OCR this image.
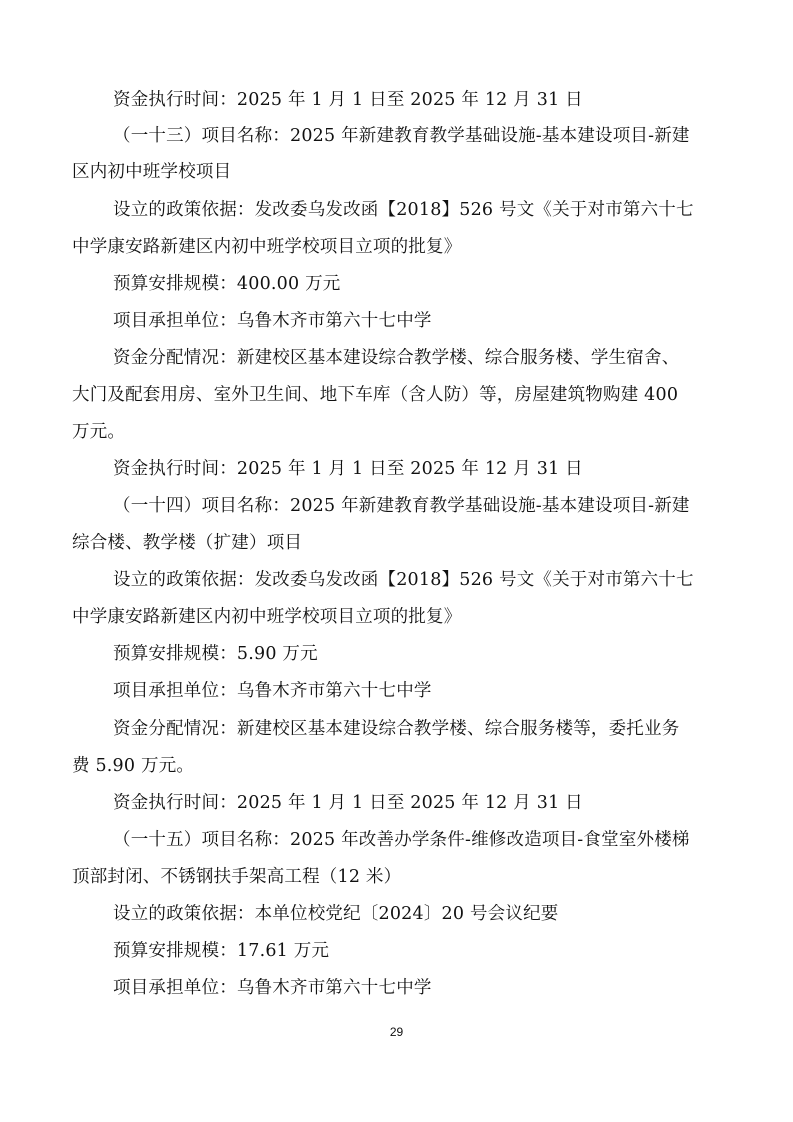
资金执行时间：2025 年 1 月 1 日至 2025 年 12 月 31 日
（一十三）项目名称：2025 年新建教育教学基础设施-基本建设项目-新建
区内初中班学校项目
设立的政策依据：发改委乌发改函【2018】526 号文《关于对市第六十七
中学康安路新建区内初中班学校项目立项的批复》
预算安排规模：400.00 万元
项目承担单位：乌鲁木齐市第六十七中学
资金分配情况：新建校区基本建设综合教学楼、综合服务楼、学生宿舍、
大门及配套用房、室外卫生间、地下车库（含人防）等，房屋建筑物购建 400
万元。
资金执行时间：2025 年 1 月 1 日至 2025 年 12 月 31 日
（一十四）项目名称：2025 年新建教育教学基础设施-基本建设项目-新建
综合楼、教学楼（扩建）项目
设立的政策依据：发改委乌发改函【2018】526 号文《关于对市第六十七
中学康安路新建区内初中班学校项目立项的批复》
预算安排规模：5.90 万元
项目承担单位：乌鲁木齐市第六十七中学
资金分配情况：新建校区基本建设综合教学楼、综合服务楼等，委托业务
费 5.90 万元。
资金执行时间：2025 年 1 月 1 日至 2025 年 12 月 31 日
（一十五）项目名称：2025 年改善办学条件-维修改造项目-食堂室外楼梯
顶部封闭、不锈钢扶手架高工程（12 米）
设立的政策依据：本单位校党纪〔2024〕20 号会议纪要
预算安排规模：17.61 万元
项目承担单位：乌鲁木齐市第六十七中学
29
